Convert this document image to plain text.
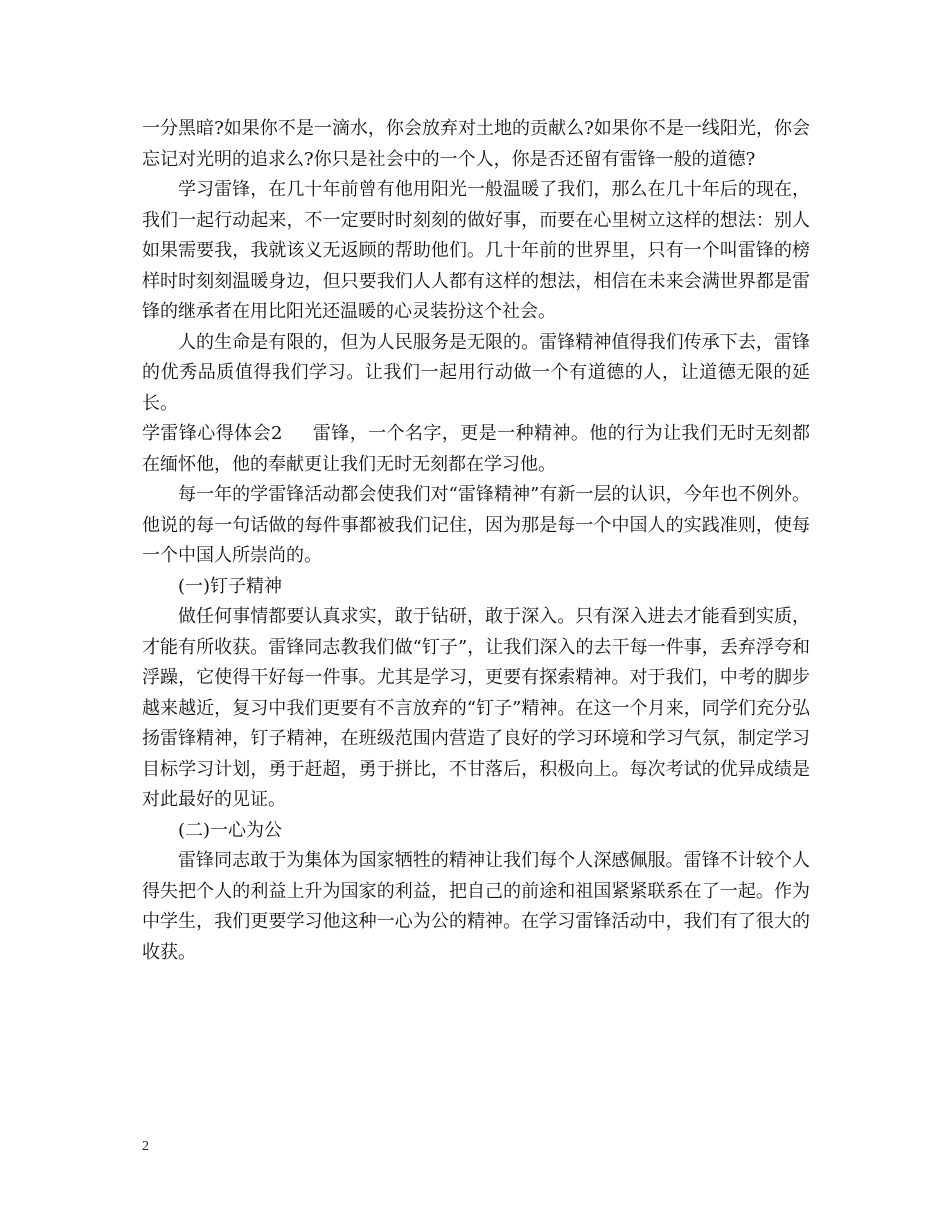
一分黑暗?如果你不是一滴水，你会放弃对土地的贡献么?如果你不是一线阳光，你会忘记对光明的追求么?你只是社会中的一个人，你是否还留有雷锋一般的道德?

学习雷锋，在几十年前曾有他用阳光一般温暖了我们，那么在几十年后的现在，我们一起行动起来，不一定要时时刻刻的做好事，而要在心里树立这样的想法：别人如果需要我，我就该义无返顾的帮助他们。几十年前的世界里，只有一个叫雷锋的榜样时时刻刻温暖身边，但只要我们人人都有这样的想法，相信在未来会满世界都是雷锋的继承者在用比阳光还温暖的心灵装扮这个社会。

人的生命是有限的，但为人民服务是无限的。雷锋精神值得我们传承下去，雷锋的优秀品质值得我们学习。让我们一起用行动做一个有道德的人，让道德无限的延长。

学雷锋心得体会2 雷锋，一个名字，更是一种精神。他的行为让我们无时无刻都在缅怀他，他的奉献更让我们无时无刻都在学习他。

每一年的学雷锋活动都会使我们对“雷锋精神”有新一层的认识，今年也不例外。他说的每一句话做的每件事都被我们记住，因为那是每一个中国人的实践准则，使每一个中国人所崇尚的。

(一)钉子精神

做任何事情都要认真求实，敢于钻研，敢于深入。只有深入进去才能看到实质，才能有所收获。雷锋同志教我们做“钉子”，让我们深入的去干每一件事，丢弃浮夸和浮躁，它使得干好每一件事。尤其是学习，更要有探索精神。对于我们，中考的脚步越来越近，复习中我们更要有不言放弃的“钉子”精神。在这一个月来，同学们充分弘扬雷锋精神，钉子精神，在班级范围内营造了良好的学习环境和学习气氛，制定学习目标学习计划，勇于赶超，勇于拼比，不甘落后，积极向上。每次考试的优异成绩是对此最好的见证。

(二)一心为公

雷锋同志敢于为集体为国家牺牲的精神让我们每个人深感佩服。雷锋不计较个人得失把个人的利益上升为国家的利益，把自己的前途和祖国紧紧联系在了一起。作为中学生，我们更要学习他这种一心为公的精神。在学习雷锋活动中，我们有了很大的收获。

2
